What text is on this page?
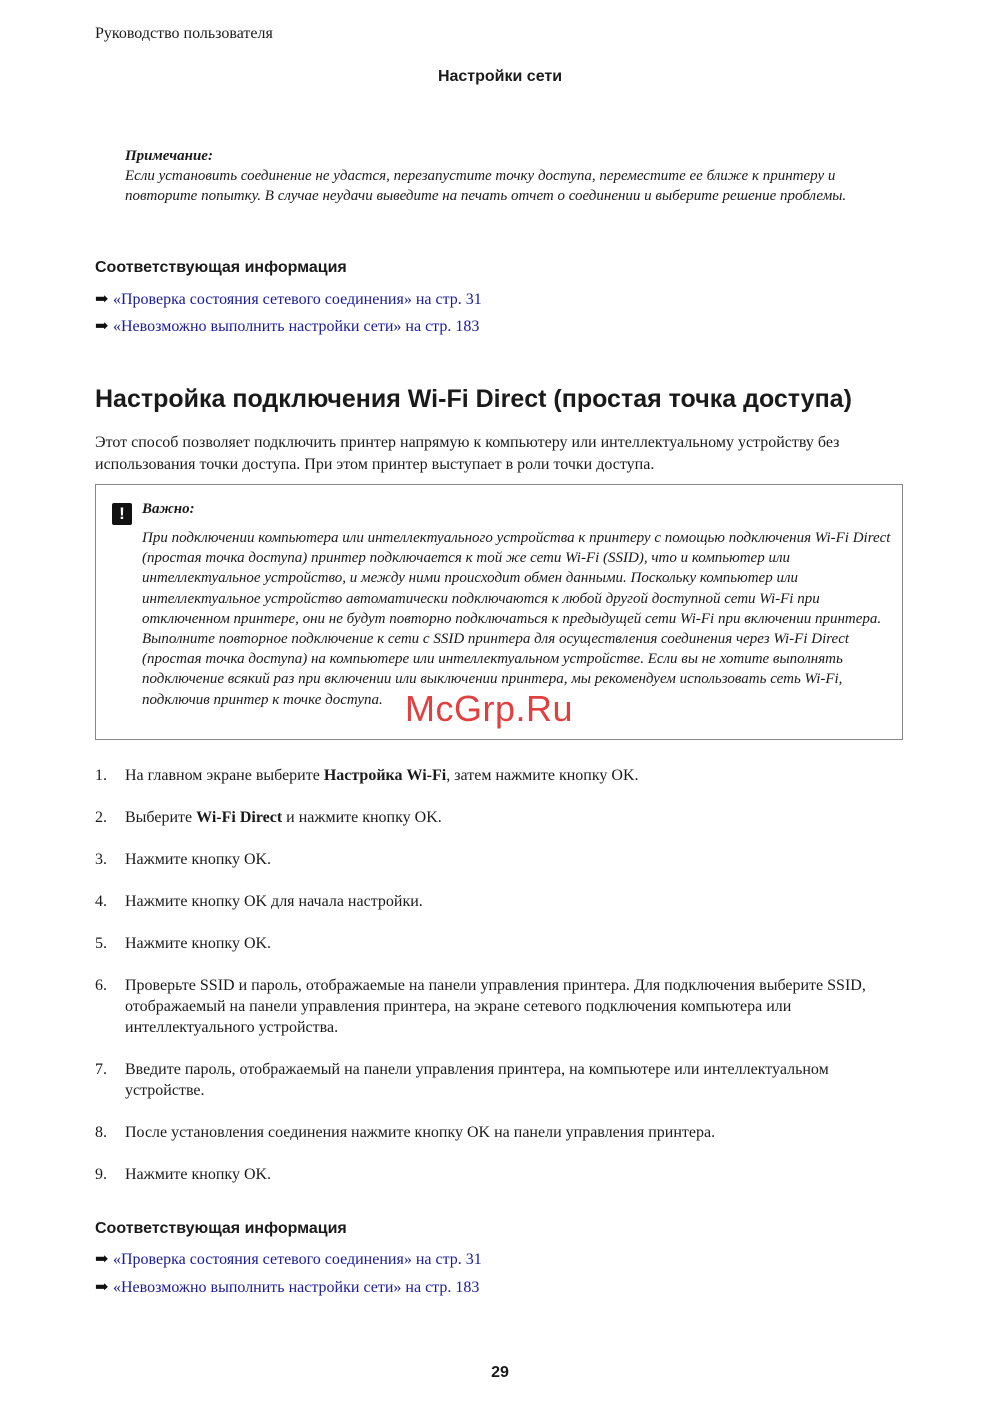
Руководство пользователя
Настройки сети
Примечание:
Если установить соединение не удастся, перезапустите точку доступа, переместите ее ближе к принтеру и повторите попытку. В случае неудачи выведите на печать отчет о соединении и выберите решение проблемы.
Соответствующая информация
➡ «Проверка состояния сетевого соединения» на стр. 31
➡ «Невозможно выполнить настройки сети» на стр. 183
Настройка подключения Wi-Fi Direct (простая точка доступа)
Этот способ позволяет подключить принтер напрямую к компьютеру или интеллектуальному устройству без использования точки доступа. При этом принтер выступает в роли точки доступа.
!	Важно:
При подключении компьютера или интеллектуального устройства к принтеру с помощью подключения Wi-Fi Direct (простая точка доступа) принтер подключается к той же сети Wi-Fi (SSID), что и компьютер или интеллектуальное устройство, и между ними происходит обмен данными. Поскольку компьютер или интеллектуальное устройство автоматически подключаются к любой другой доступной сети Wi-Fi при отключенном принтере, они не будут повторно подключаться к предыдущей сети Wi-Fi при включении принтера. Выполните повторное подключение к сети с SSID принтера для осуществления соединения через Wi-Fi Direct (простая точка доступа) на компьютере или интеллектуальном устройстве. Если вы не хотите выполнять подключение всякий раз при включении или выключении принтера, мы рекомендуем использовать сеть Wi-Fi, подключив принтер к точке доступа. McGrp.Ru
1.	На главном экране выберите Настройка Wi-Fi, затем нажмите кнопку OK.
2.	Выберите Wi-Fi Direct и нажмите кнопку OK.
3.	Нажмите кнопку OK.
4.	Нажмите кнопку OK для начала настройки.
5.	Нажмите кнопку OK.
6.	Проверьте SSID и пароль, отображаемые на панели управления принтера. Для подключения выберите SSID, отображаемый на панели управления принтера, на экране сетевого подключения компьютера или интеллектуального устройства.
7.	Введите пароль, отображаемый на панели управления принтера, на компьютере или интеллектуальном устройстве.
8.	После установления соединения нажмите кнопку OK на панели управления принтера.
9.	Нажмите кнопку OK.
Соответствующая информация
➡ «Проверка состояния сетевого соединения» на стр. 31
➡ «Невозможно выполнить настройки сети» на стр. 183
29
